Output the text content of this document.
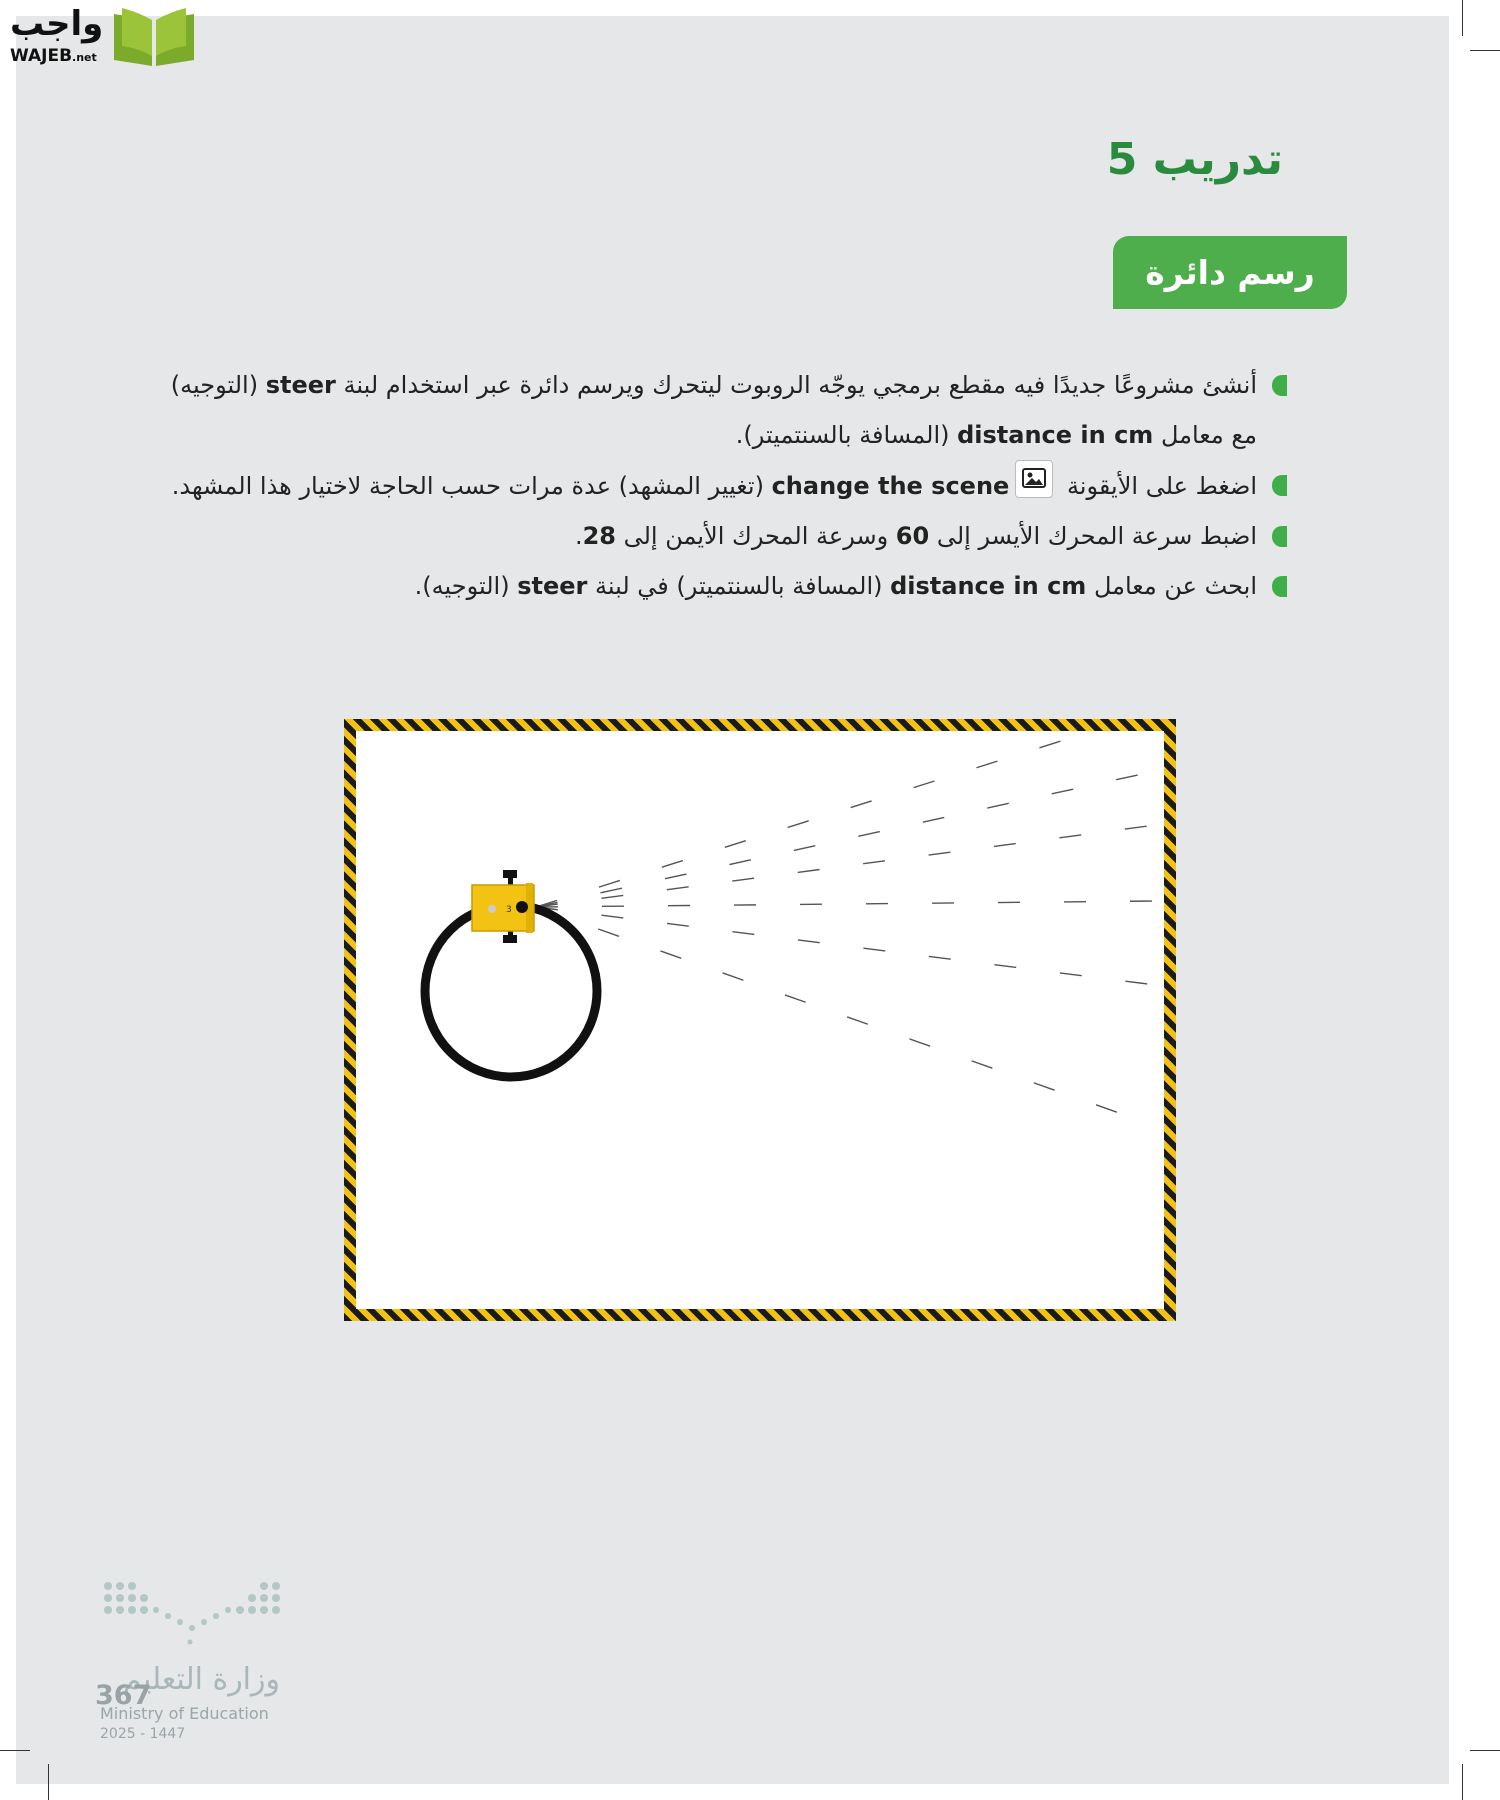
تدريب 5
رسم دائرة
أنشئ مشروعًا جديدًا فيه مقطع برمجي يوجّه الروبوت ليتحرك ويرسم دائرة عبر استخدام لبنة steer (التوجيه) مع معامل distance in cm (المسافة بالسنتميتر).
اضغط على الأيقونة
change the scene (تغيير المشهد) عدة مرات حسب الحاجة لاختيار هذا المشهد.
اضبط سرعة المحرك الأيسر إلى 60 وسرعة المحرك الأيمن إلى 28.
ابحث عن معامل distance in cm (المسافة بالسنتميتر) في لبنة steer (التوجيه).
3
وزارة التعليم
Ministry of Education
2025 - 1447
367
واجب
WAJEB.net
